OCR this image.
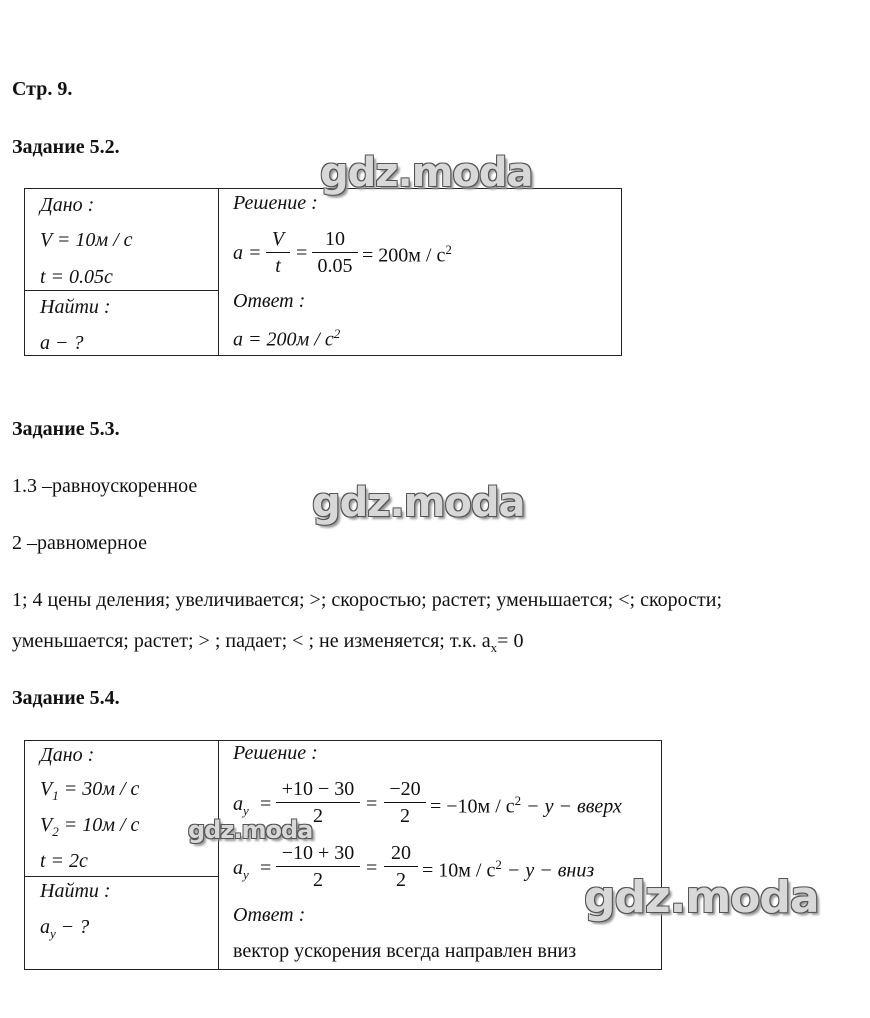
Стр. 9.
Задание 5.2.
Дано :
V = 10м / с
t = 0.05с
Найти :
a − ?
Решение :
a =
V
t
=
10
$0.05 = 200м / с^2$
Ответ :
$a = 200м / с^2$
gdz.moda
Задание 5.3.
1.3 –равноускоренное
2 –равномерное
1; 4 цены деления; увеличивается; >; скоростью; растет; уменьшается; <; скорости;
уменьшается; растет; > ; падает; < ; не изменяется; т.к. $a_x= 0$
gdz.moda
Задание 5.4.
Дано :
$V_1 = 30м / с$
$V_2 = 10м / с$
t = 2с
Найти :
$a_y$ − ?
Решение :
$a_y$ =
+10 − 30
2
=
−20
2	= $-10м / с^2 - y$ − вверх
$a_y$ =
−10 + 30
2
=
20
$2 = 10м / с^2 - y$ − вниз
Ответ :
вектор ускорения всегда направлен вниз
gdz.moda
gdz.moda
